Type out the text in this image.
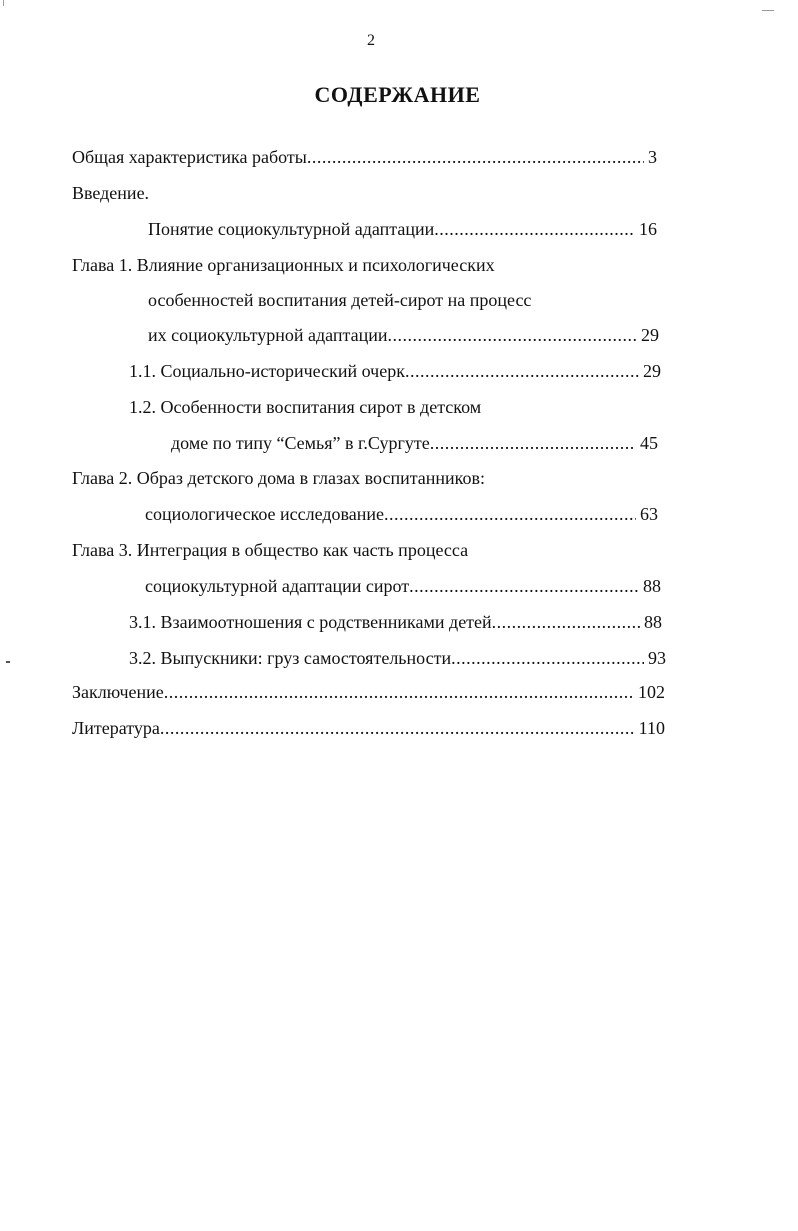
2
СОДЕРЖАНИЕ
Общая характеристика работы .....	3
Введение.
Понятие социокультурной адаптации .....	16
Глава 1. Влияние организационных и психологических
особенностей воспитания детей-сирот на процесс
их социокультурной адаптации .....	29
1.1. Социально-исторический очерк .....	29
1.2. Особенности воспитания сирот в детском
доме по типу “Семья” в г.Сургуте .....	45
Глава 2. Образ детского дома в глазах воспитанников:
социологическое исследование .....	63
Глава 3. Интеграция в общество как часть процесса
социокультурной адаптации сирот .....	88
3.1. Взаимоотношения с родственниками детей .....	88
3.2. Выпускники: груз самостоятельности .....	93
Заключение .....	102
Литература .....	110
